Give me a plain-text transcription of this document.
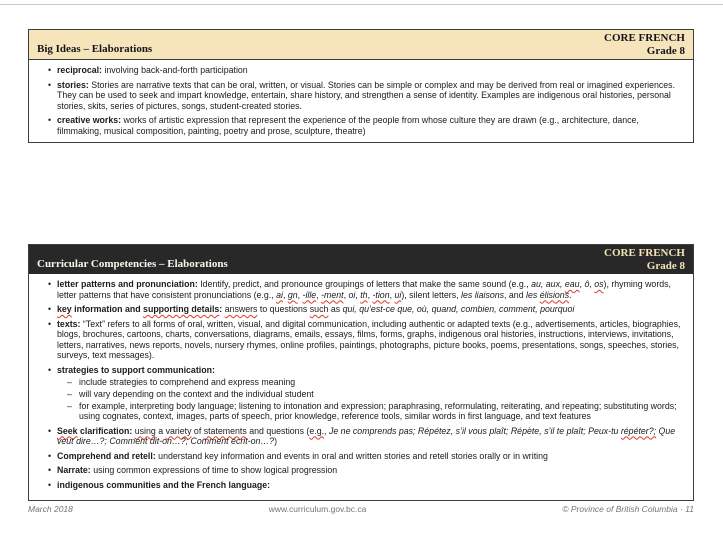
Big Ideas – Elaborations
CORE FRENCH
Grade 8
• reciprocal: involving back-and-forth participation
• stories: Stories are narrative texts that can be oral, written, or visual. Stories can be simple or complex and may be derived from real or imagined experiences. They can be used to seek and impart knowledge, entertain, share history, and strengthen a sense of identity. Examples are indigenous oral histories, personal stories, skits, series of pictures, songs, student-created stories.
• creative works: works of artistic expression that represent the experience of the people from whose culture they are drawn (e.g., architecture, dance, filmmaking, musical composition, painting, poetry and prose, sculpture, theatre)
Curricular Competencies – Elaborations
CORE FRENCH
Grade 8
• letter patterns and pronunciation: Identify, predict, and pronounce groupings of letters that make the same sound (e.g., au, aux, eau, ô, os), rhyming words, letter patterns that have consistent pronunciations (e.g., ai, gn, -ille, -ment, oi, th, -tion, ui), silent letters, les liaisons, and les élisions.
• key information and supporting details: answers to questions such as qui, qu’est-ce que, où, quand, combien, comment, pourquoi
• texts: “Text” refers to all forms of oral, written, visual, and digital communication, including authentic or adapted texts (e.g., advertisements, articles, biographies, blogs, brochures, cartoons, charts, conversations, diagrams, emails, essays, films, forms, graphs, indigenous oral histories, instructions, interviews, invitations, letters, narratives, news reports, novels, nursery rhymes, online profiles, paintings, photographs, picture books, poems, presentations, songs, speeches, stories, surveys, text messages).
• strategies to support communication:
– include strategies to comprehend and express meaning
– will vary depending on the context and the individual student
– for example, interpreting body language; listening to intonation and expression; paraphrasing, reformulating, reiterating, and repeating; substituting words; using cognates, context, images, parts of speech, prior knowledge, reference tools, similar words in first language, and text features
• Seek clarification: using a variety of statements and questions (e.g., Je ne comprends pas; Répétez, s’il vous plaît; Répète, s’il te plaît; Peux-tu répéter?; Que veut dire…?; Comment dit-on…?; Comment écrit-on…?)
• Comprehend and retell: understand key information and events in oral and written stories and retell stories orally or in writing
• Narrate: using common expressions of time to show logical progression
• indigenous communities and the French language:
March 2018	www.curriculum.gov.bc.ca	© Province of British Columbia · 11
